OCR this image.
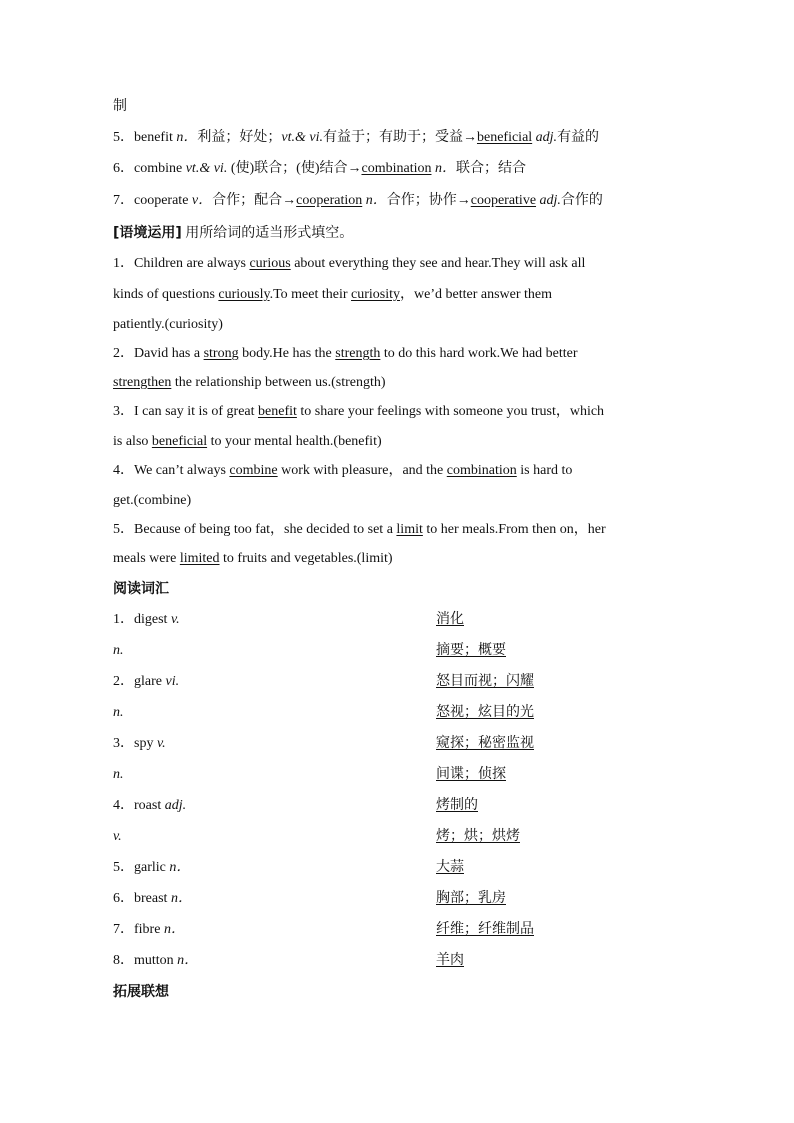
制
5．benefit n．利益；好处；vt.& vi.有益于；有助于；受益→beneficial adj.有益的
6．combine vt.& vi. (使)联合；(使)结合→combination n．联合；结合
7．cooperate v．合作；配合→cooperation n．合作；协作→cooperative adj.合作的
[语境运用] 用所给词的适当形式填空。
1．Children are always curious about everything they see and hear.They will ask all
kinds of questions curiously.To meet their curiosity，we’d better answer them
patiently.(curiosity)
2．David has a strong body.He has the strength to do this hard work.We had better
strengthen the relationship between us.(strength)
3．I can say it is of great benefit to share your feelings with someone you trust，which
is also beneficial to your mental health.(benefit)
4．We can’t always combine work with pleasure，and the combination is hard to
get.(combine)
5．Because of being too fat，she decided to set a limit to her meals.From then on，her
meals were limited to fruits and vegetables.(limit)
阅读词汇
1．digest v.	消化
n.	摘要；概要
2．glare vi.	怒目而视；闪耀
n.	怒视；炫目的光
3．spy v.	窥探；秘密监视
n.	间谍；侦探
4．roast adj.	烤制的
v.	烤；烘；烘烤
5．garlic n．	大蒜
6．breast n．	胸部；乳房
7．fibre n．	纤维；纤维制品
8．mutton n．	羊肉
拓展联想
